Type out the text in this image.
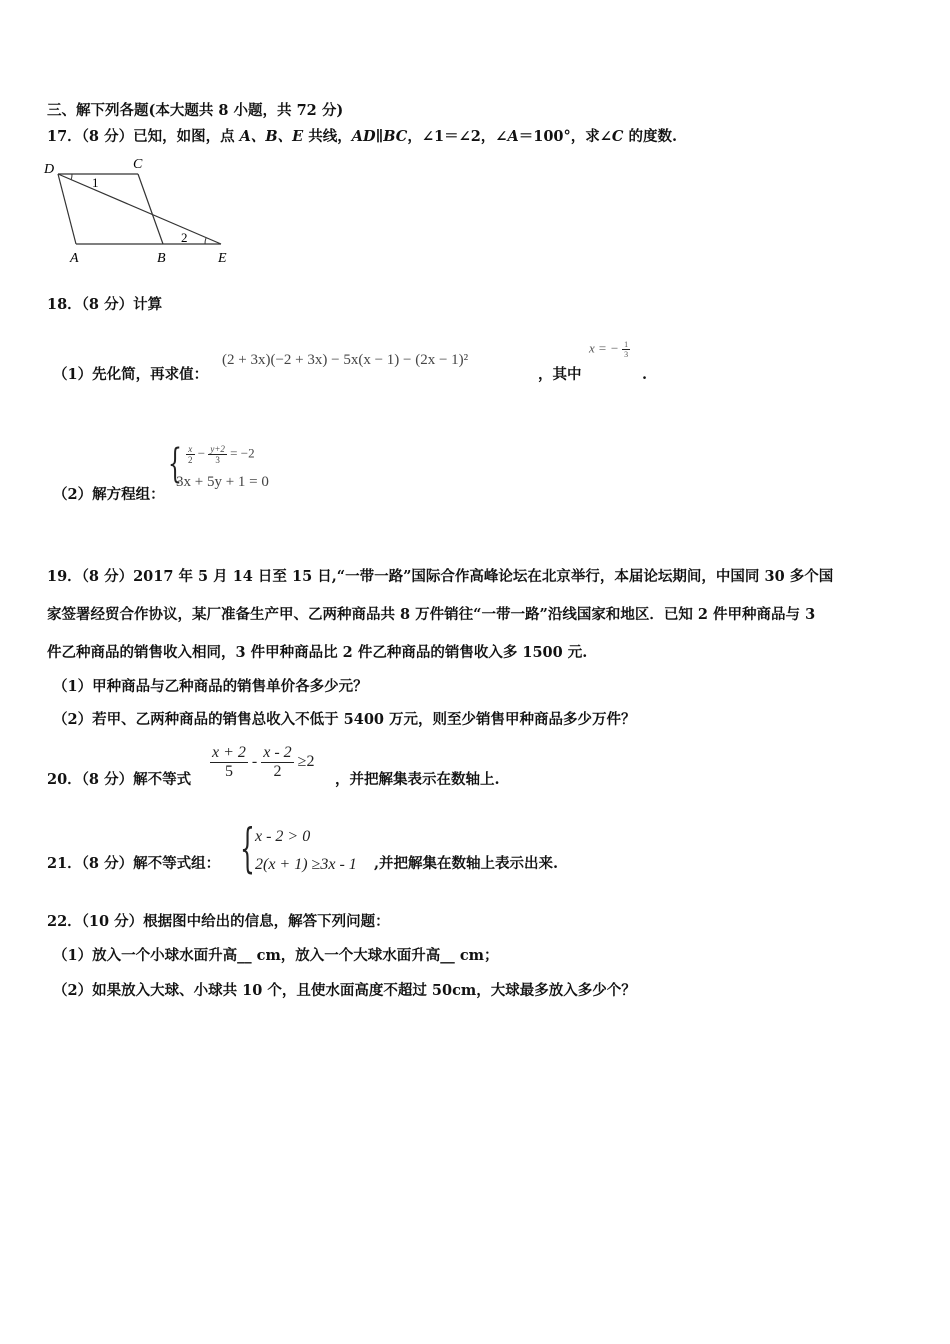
三、解下列各题(本大题共 8 小题，共 72 分)
17．（8 分）已知，如图，点 A、B、E 共线，AD∥BC，∠1＝∠2，∠A＝100°，求∠C 的度数.
D	C
A	B	E
1
2
18．（8 分）计算
（1）先化简，再求值：
(2 + 3x)(−2 + 3x) − 5x(x − 1) − (2x − 1)²
，其中
x = − $\frac{1}{3}$
.
（2）解方程组：
{ $\frac{x}{2} - \frac{y+2}{3} = -2$
3x + 5y + 1 = 0
19．（8 分）2017 年 5 月 14 日至 15 日,“一带一路”国际合作高峰论坛在北京举行，本届论坛期间，中国同 30 多个国
家签署经贸合作协议，某厂准备生产甲、乙两种商品共 8 万件销往“一带一路”沿线国家和地区．已知 2 件甲种商品与 3
件乙种商品的销售收入相同，3 件甲种商品比 2 件乙种商品的销售收入多 1500 元.
（1）甲种商品与乙种商品的销售单价各多少元？
（2）若甲、乙两种商品的销售总收入不低于 5400 万元，则至少销售甲种商品多少万件？
20．（8 分）解不等式 $\frac{x + 2}{5} - \frac{x - 2}{2} \ge 2$
，并把解集表示在数轴上.
21．（8 分）解不等式组： { x - 2 > 0
2(x + 1) ≥3x - 1 ,并把解集在数轴上表示出来.
22．（10 分）根据图中给出的信息，解答下列问题：
（1）放入一个小球水面升高__ cm，放入一个大球水面升高__ cm；
（2）如果放入大球、小球共 10 个，且使水面高度不超过 50cm，大球最多放入多少个？
